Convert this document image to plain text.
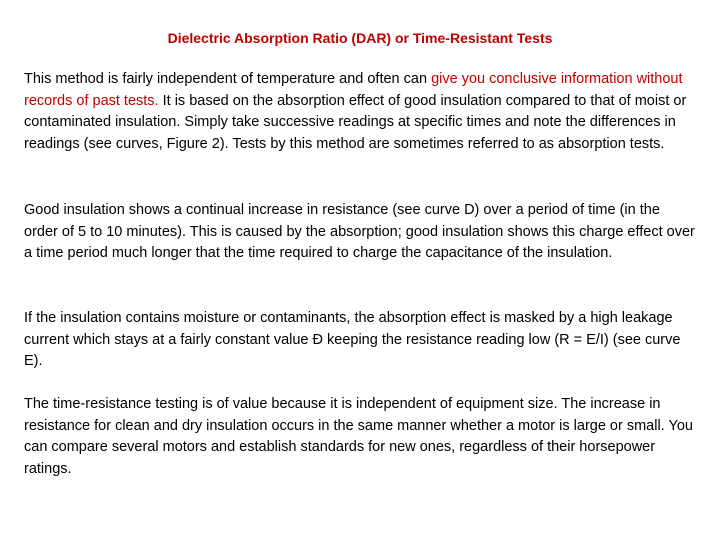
Dielectric Absorption Ratio (DAR) or Time-Resistant Tests

This method is fairly independent of temperature and often can give you conclusive information without records of past tests. It is based on the absorption effect of good insulation compared to that of moist or contaminated insulation. Simply take successive readings at specific times and note the differences in readings (see curves, Figure 2). Tests by this method are sometimes referred to as absorption tests.

Good insulation shows a continual increase in resistance (see curve D) over a period of time (in the order of 5 to 10 minutes). This is caused by the absorption; good insulation shows this charge effect over a time period much longer that the time required to charge the capacitance of the insulation.

If the insulation contains moisture or contaminants, the absorption effect is masked by a high leakage current which stays at a fairly constant value Ð keeping the resistance reading low (R = E/I) (see curve E).

The time-resistance testing is of value because it is independent of equipment size. The increase in resistance for clean and dry insulation occurs in the same manner whether a motor is large or small. You can compare several motors and establish standards for new ones, regardless of their horsepower ratings.
